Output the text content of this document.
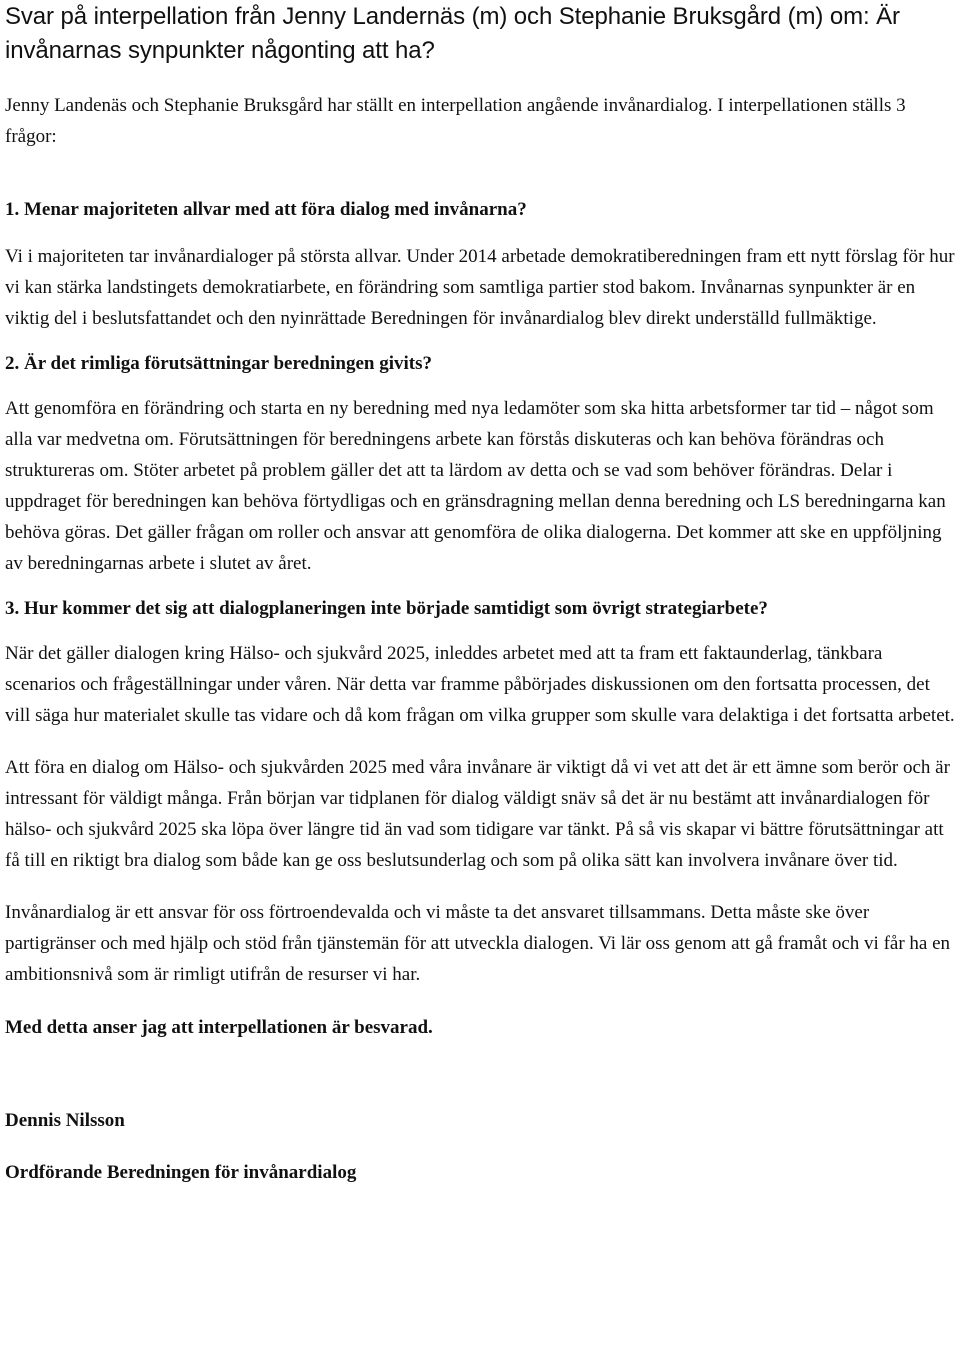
Svar på interpellation från Jenny Landernäs (m) och Stephanie Bruksgård (m) om: Är invånarnas synpunkter någonting att ha?

Jenny Landenäs och Stephanie Bruksgård har ställt en interpellation angående invånardialog. I interpellationen ställs 3 frågor:

1. Menar majoriteten allvar med att föra dialog med invånarna?

Vi i majoriteten tar invånardialoger på största allvar. Under 2014 arbetade demokratiberedningen fram ett nytt förslag för hur vi kan stärka landstingets demokratiarbete, en förändring som samtliga partier stod bakom. Invånarnas synpunkter är en viktig del i beslutsfattandet och den nyinrättade Beredningen för invånardialog blev direkt underställd fullmäktige.

2. Är det rimliga förutsättningar beredningen givits?

Att genomföra en förändring och starta en ny beredning med nya ledamöter som ska hitta arbetsformer tar tid – något som alla var medvetna om. Förutsättningen för beredningens arbete kan förstås diskuteras och kan behöva förändras och struktureras om. Stöter arbetet på problem gäller det att ta lärdom av detta och se vad som behöver förändras. Delar i uppdraget för beredningen kan behöva förtydligas och en gränsdragning mellan denna beredning och LS beredningarna kan behöva göras. Det gäller frågan om roller och ansvar att genomföra de olika dialogerna. Det kommer att ske en uppföljning av beredningarnas arbete i slutet av året.

3. Hur kommer det sig att dialogplaneringen inte började samtidigt som övrigt strategiarbete?

När det gäller dialogen kring Hälso- och sjukvård 2025, inleddes arbetet med att ta fram ett faktaunderlag, tänkbara scenarios och frågeställningar under våren. När detta var framme påbörjades diskussionen om den fortsatta processen, det vill säga hur materialet skulle tas vidare och då kom frågan om vilka grupper som skulle vara delaktiga i det fortsatta arbetet.

Att föra en dialog om Hälso- och sjukvården 2025 med våra invånare är viktigt då vi vet att det är ett ämne som berör och är intressant för väldigt många. Från början var tidplanen för dialog väldigt snäv så det är nu bestämt att invånardialogen för hälso- och sjukvård 2025 ska löpa över längre tid än vad som tidigare var tänkt. På så vis skapar vi bättre förutsättningar att få till en riktigt bra dialog som både kan ge oss beslutsunderlag och som på olika sätt kan involvera invånare över tid.

Invånardialog är ett ansvar för oss förtroendevalda och vi måste ta det ansvaret tillsammans. Detta måste ske över partigränser och med hjälp och stöd från tjänstemän för att utveckla dialogen. Vi lär oss genom att gå framåt och vi får ha en ambitionsnivå som är rimligt utifrån de resurser vi har.

Med detta anser jag att interpellationen är besvarad.

Dennis Nilsson

Ordförande Beredningen för invånardialog
